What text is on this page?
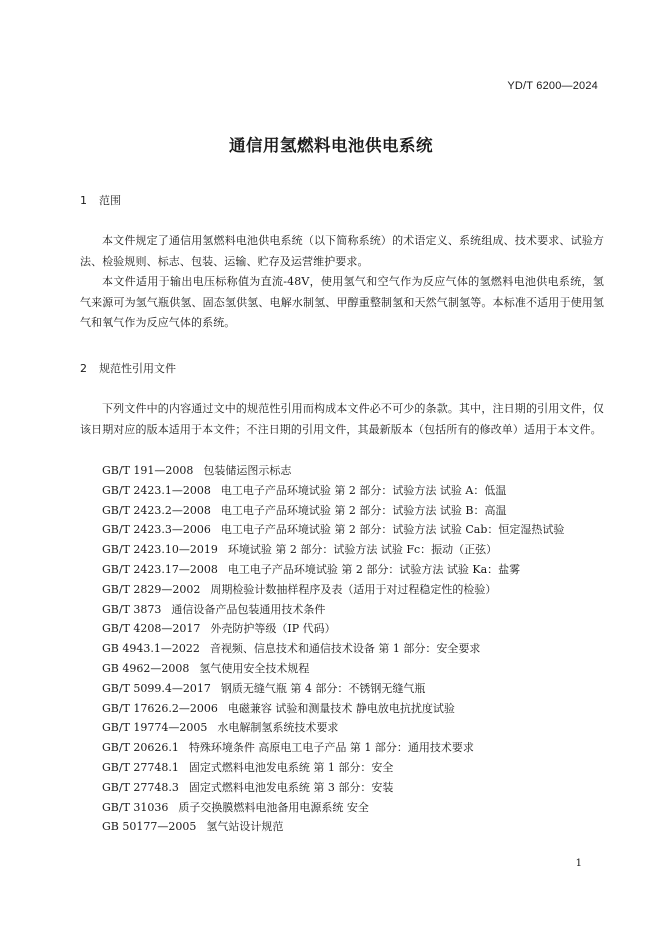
YD/T 6200—2024
通信用氢燃料电池供电系统
1 范围

本文件规定了通信用氢燃料电池供电系统（以下简称系统）的术语定义、系统组成、技术要求、试验方法、检验规则、标志、包装、运输、贮存及运营维护要求。

本文件适用于输出电压标称值为直流-48V，使用氢气和空气作为反应气体的氢燃料电池供电系统，氢气来源可为氢气瓶供氢、固态氢供氢、电解水制氢、甲醇重整制氢和天然气制氢等。本标准不适用于使用氢气和氧气作为反应气体的系统。

2 规范性引用文件

下列文件中的内容通过文中的规范性引用而构成本文件必不可少的条款。其中，注日期的引用文件，仅该日期对应的版本适用于本文件；不注日期的引用文件，其最新版本（包括所有的修改单）适用于本文件。

GB/T 191—2008 包装储运图示标志
GB/T 2423.1—2008 电工电子产品环境试验 第 2 部分：试验方法 试验 A：低温
GB/T 2423.2—2008 电工电子产品环境试验 第 2 部分：试验方法 试验 B：高温
GB/T 2423.3—2006 电工电子产品环境试验 第 2 部分：试验方法 试验 Cab：恒定湿热试验
GB/T 2423.10—2019 环境试验 第 2 部分：试验方法 试验 Fc：振动（正弦）
GB/T 2423.17—2008 电工电子产品环境试验 第 2 部分：试验方法 试验 Ka：盐雾
GB/T 2829—2002 周期检验计数抽样程序及表（适用于对过程稳定性的检验）
GB/T 3873 通信设备产品包装通用技术条件
GB/T 4208—2017 外壳防护等级（IP 代码）
GB 4943.1—2022 音视频、信息技术和通信技术设备 第 1 部分：安全要求
GB 4962—2008 氢气使用安全技术规程
GB/T 5099.4—2017 钢质无缝气瓶 第 4 部分：不锈钢无缝气瓶
GB/T 17626.2—2006 电磁兼容 试验和测量技术 静电放电抗扰度试验
GB/T 19774—2005 水电解制氢系统技术要求
GB/T 20626.1 特殊环境条件 高原电工电子产品 第 1 部分：通用技术要求
GB/T 27748.1 固定式燃料电池发电系统 第 1 部分：安全
GB/T 27748.3 固定式燃料电池发电系统 第 3 部分：安装
GB/T 31036 质子交换膜燃料电池备用电源系统 安全
GB 50177—2005 氢气站设计规范
1
